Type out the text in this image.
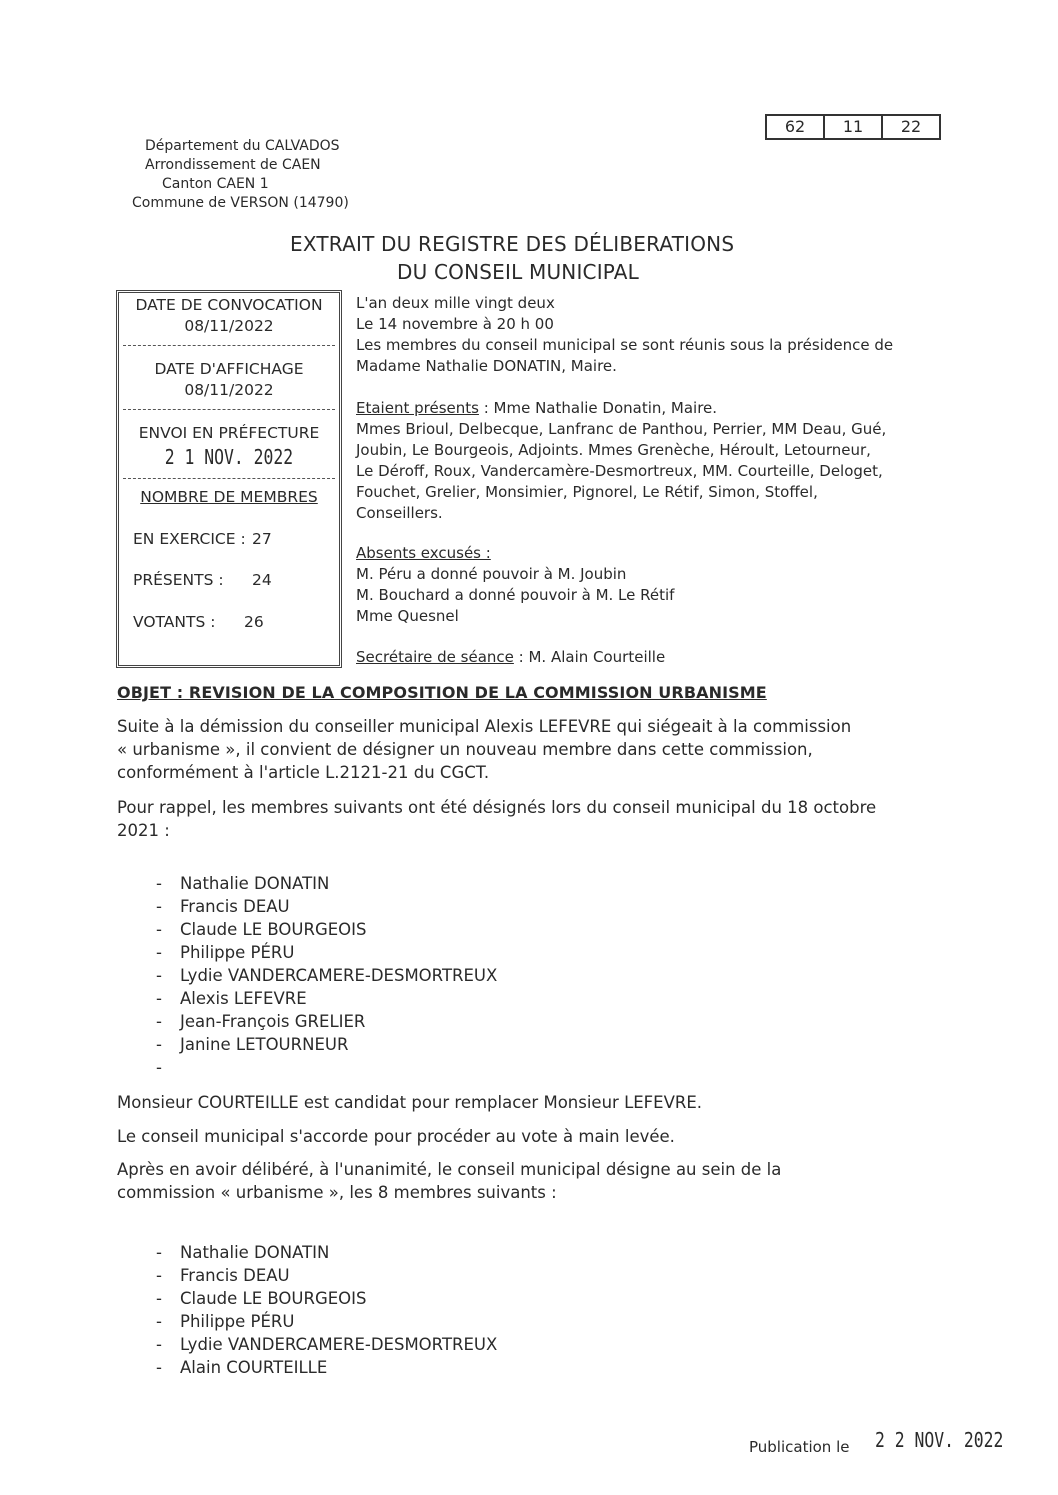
62	11	22
Département du CALVADOS
Arrondissement de CAEN
Canton CAEN 1
Commune de VERSON (14790)
EXTRAIT DU REGISTRE DES DÉLIBERATIONS
DU CONSEIL MUNICIPAL
DATE DE CONVOCATION
08/11/2022
DATE D'AFFICHAGE
08/11/2022
ENVOI EN PRÉFECTURE
2 1 NOV. 2022
NOMBRE DE MEMBRES
EN EXERCICE : 27
PRÉSENTS : 24
VOTANTS : 26
L'an deux mille vingt deux
Le 14 novembre à 20 h 00
Les membres du conseil municipal se sont réunis sous la présidence de
Madame Nathalie DONATIN, Maire.
Etaient présents : Mme Nathalie Donatin, Maire.
Mmes Brioul, Delbecque, Lanfranc de Panthou, Perrier, MM Deau, Gué,
Joubin, Le Bourgeois, Adjoints. Mmes Grenèche, Héroult, Letourneur,
Le Déroff, Roux, Vandercamère-Desmortreux, MM. Courteille, Deloget,
Fouchet, Grelier, Monsimier, Pignorel, Le Rétif, Simon, Stoffel,
Conseillers.
Absents excusés :
M. Péru a donné pouvoir à M. Joubin
M. Bouchard a donné pouvoir à M. Le Rétif
Mme Quesnel
Secrétaire de séance : M. Alain Courteille
OBJET : REVISION DE LA COMPOSITION DE LA COMMISSION URBANISME
Suite à la démission du conseiller municipal Alexis LEFEVRE qui siégeait à la commission
« urbanisme », il convient de désigner un nouveau membre dans cette commission,
conformément à l'article L.2121-21 du CGCT.
Pour rappel, les membres suivants ont été désignés lors du conseil municipal du 18 octobre
2021 :
- Nathalie DONATIN
- Francis DEAU
- Claude LE BOURGEOIS
- Philippe PÉRU
- Lydie VANDERCAMERE-DESMORTREUX
- Alexis LEFEVRE
- Jean-François GRELIER
- Janine LETOURNEUR
-
Monsieur COURTEILLE est candidat pour remplacer Monsieur LEFEVRE.
Le conseil municipal s'accorde pour procéder au vote à main levée.
Après en avoir délibéré, à l'unanimité, le conseil municipal désigne au sein de la
commission « urbanisme », les 8 membres suivants :
- Nathalie DONATIN
- Francis DEAU
- Claude LE BOURGEOIS
- Philippe PÉRU
- Lydie VANDERCAMERE-DESMORTREUX
- Alain COURTEILLE
Publication le 2 2 NOV. 2022
